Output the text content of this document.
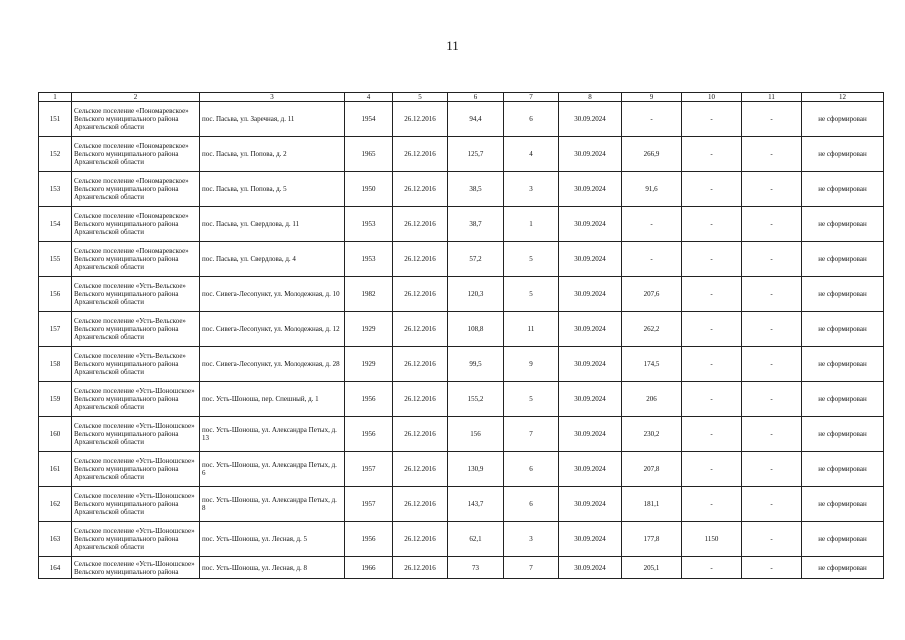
11
1	2	3	4	5	6	7	8	9	10	11	12
151	Сельское поселение «Пономаревское» Вельского муниципального района Архангельской области	пос. Пасьва, ул. Заречная, д. 11	1954	26.12.2016	94,4	6	30.09.2024	-	-	-	не сформирован
152	Сельское поселение «Пономаревское» Вельского муниципального района Архангельской области	пос. Пасьва, ул. Попова, д. 2	1965	26.12.2016	125,7	4	30.09.2024	266,9	-	-	не сформирован
153	Сельское поселение «Пономаревское» Вельского муниципального района Архангельской области	пос. Пасьва, ул. Попова, д. 5	1950	26.12.2016	38,5	3	30.09.2024	91,6	-	-	не сформирован
154	Сельское поселение «Пономаревское» Вельского муниципального района Архангельской области	пос. Пасьва, ул. Свердлова, д. 11	1953	26.12.2016	38,7	1	30.09.2024	-	-	-	не сформирован
155	Сельское поселение «Пономаревское» Вельского муниципального района Архангельской области	пос. Пасьва, ул. Свердлова, д. 4	1953	26.12.2016	57,2	5	30.09.2024	-	-	-	не сформирован
156	Сельское поселение «Усть-Вельское» Вельского муниципального района Архангельской области	пос. Сивега-Лесопункт, ул. Молодежная, д. 10	1982	26.12.2016	120,3	5	30.09.2024	207,6	-	-	не сформирован
157	Сельское поселение «Усть-Вельское» Вельского муниципального района Архангельской области	пос. Сивега-Лесопункт, ул. Молодежная, д. 12	1929	26.12.2016	108,8	11	30.09.2024	262,2	-	-	не сформирован
158	Сельское поселение «Усть-Вельское» Вельского муниципального района Архангельской области	пос. Сивега-Лесопункт, ул. Молодежная, д. 28	1929	26.12.2016	99,5	9	30.09.2024	174,5	-	-	не сформирован
159	Сельское поселение «Усть-Шоношское» Вельского муниципального района Архангельской области	пос. Усть-Шоноша, пер. Спешный, д. 1	1956	26.12.2016	155,2	5	30.09.2024	206	-	-	не сформирован
160	Сельское поселение «Усть-Шоношское» Вельского муниципального района Архангельской области	пос. Усть-Шоноша, ул. Александра Петых, д. 13	1956	26.12.2016	156	7	30.09.2024	230,2	-	-	не сформирован
161	Сельское поселение «Усть-Шоношское» Вельского муниципального района Архангельской области	пос. Усть-Шоноша, ул. Александра Петых, д. 6	1957	26.12.2016	130,9	6	30.09.2024	207,8	-	-	не сформирован
162	Сельское поселение «Усть-Шоношское» Вельского муниципального района Архангельской области	пос. Усть-Шоноша, ул. Александра Петых, д. 8	1957	26.12.2016	143,7	6	30.09.2024	181,1	-	-	не сформирован
163	Сельское поселение «Усть-Шоношское» Вельского муниципального района Архангельской области	пос. Усть-Шоноша, ул. Лесная, д. 5	1956	26.12.2016	62,1	3	30.09.2024	177,8	1150	-	не сформирован
164	Сельское поселение «Усть-Шоношское» Вельского муниципального района	пос. Усть-Шоноша, ул. Лесная, д. 8	1966	26.12.2016	73	7	30.09.2024	205,1	-	-	не сформирован
